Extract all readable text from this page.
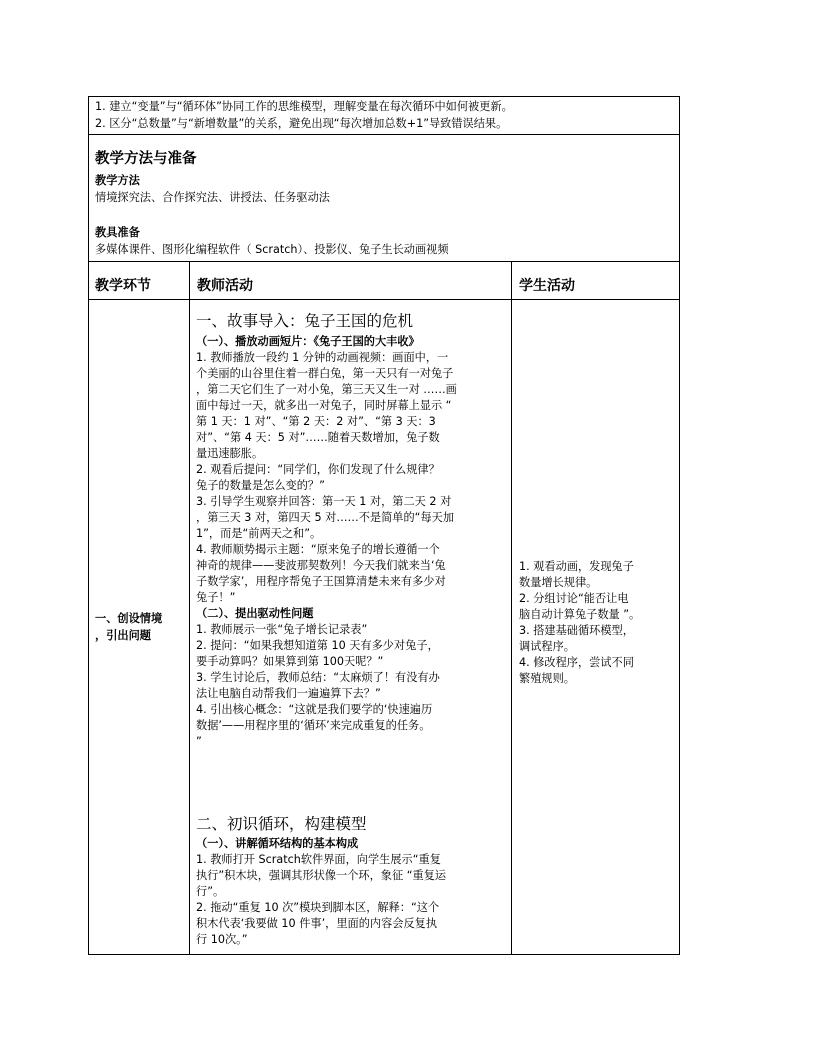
1. 建立“变量”与“循环体”协同工作的思维模型，理解变量在每次循环中如何被更新。
2. 区分“总数量”与“新增数量”的关系，避免出现“每次增加总数+1”导致错误结果。
教学方法与准备
教学方法
情境探究法、合作探究法、讲授法、任务驱动法
教具准备
多媒体课件、图形化编程软件（ Scratch）、投影仪、兔子生长动画视频
教学环节	教师活动	学生活动
一、创设情境
，引出问题
一、故事导入：兔子王国的危机
（一）、播放动画短片：《兔子王国的大丰收》
1. 教师播放一段约 1 分钟的动画视频：画面中，一
个美丽的山谷里住着一群白兔，第一天只有一对兔子
，第二天它们生了一对小兔，第三天又生一对 ……画
面中每过一天，就多出一对兔子，同时屏幕上显示 “
第 1 天：1 对”、“第 2 天：2 对”、“第 3 天：3
对”、“第 4 天：5 对”……随着天数增加，兔子数
量迅速膨胀。
2. 观看后提问：“同学们，你们发现了什么规律？
兔子的数量是怎么变的？”
3. 引导学生观察并回答：第一天 1 对，第二天 2 对
，第三天 3 对，第四天 5 对……不是简单的“每天加
1”，而是“前两天之和”。
4. 教师顺势揭示主题：“原来兔子的增长遵循一个
神奇的规律——斐波那契数列！今天我们就来当‘兔
子数学家’，用程序帮兔子王国算清楚未来有多少对
兔子！”
（二）、提出驱动性问题
1. 教师展示一张“兔子增长记录表”
2. 提问：“如果我想知道第 10 天有多少对兔子，
要手动算吗？如果算到第 100天呢？”
3. 学生讨论后，教师总结：“太麻烦了！有没有办
法让电脑自动帮我们一遍遍算下去？”
4. 引出核心概念：“这就是我们要学的‘快速遍历
数据’——用程序里的‘循环’来完成重复的任务。
”
二、初识循环，构建模型
（一）、讲解循环结构的基本构成
1. 教师打开 Scratch软件界面，向学生展示“重复
执行”积木块，强调其形状像一个环，象征 “重复运
行”。
2. 拖动“重复 10 次”模块到脚本区，解释：“这个
积木代表‘我要做 10 件事’，里面的内容会反复执
行 10次。”
1. 观看动画，发现兔子
数量增长规律。
2. 分组讨论“能否让电
脑自动计算兔子数量 ”。
3. 搭建基础循环模型，
调试程序。
4. 修改程序，尝试不同
繁殖规则。
